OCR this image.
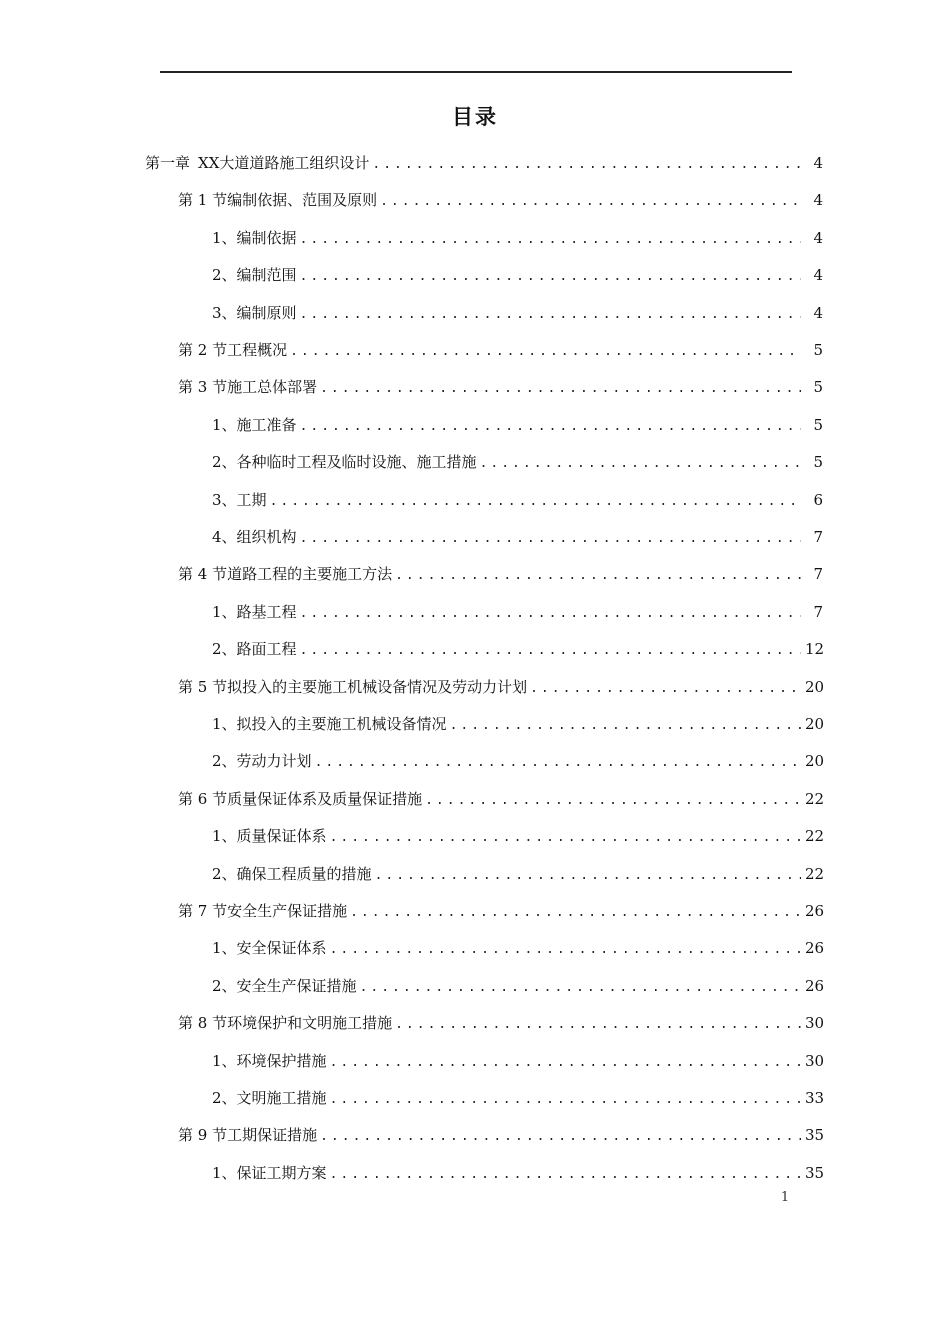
目录
第一章 XX大道道路施工组织设计 .....	4
第 1 节 编制依据、范围及原则 .....	4
1、 编制依据 .....	4
2、 编制范围 .....	4
3、 编制原则 .....	4
第 2 节 工程概况 .....	5
第 3 节 施工总体部署 .....	5
1、 施工准备 .....	5
2、 各种临时工程及临时设施、施工措施 .....	5
3、 工期 .....	6
4、 组织机构 .....	7
第 4 节 道路工程的主要施工方法 .....	7
1、 路基工程 .....	7
2、 路面工程 .....	12
第 5 节 拟投入的主要施工机械设备情况及劳动力计划 .....	20
1、 拟投入的主要施工机械设备情况 .....	20
2、 劳动力计划 .....	20
第 6 节 质量保证体系及质量保证措施 .....	22
1、 质量保证体系 .....	22
2、 确保工程质量的措施 .....	22
第 7 节 安全生产保证措施 .....	26
1、 安全保证体系 .....	26
2、 安全生产保证措施 .....	26
第 8 节 环境保护和文明施工措施 .....	30
1、 环境保护措施 .....	30
2、 文明施工措施 .....	33
第 9 节 工期保证措施 .....	35
1、 保证工期方案 .....	35
1
